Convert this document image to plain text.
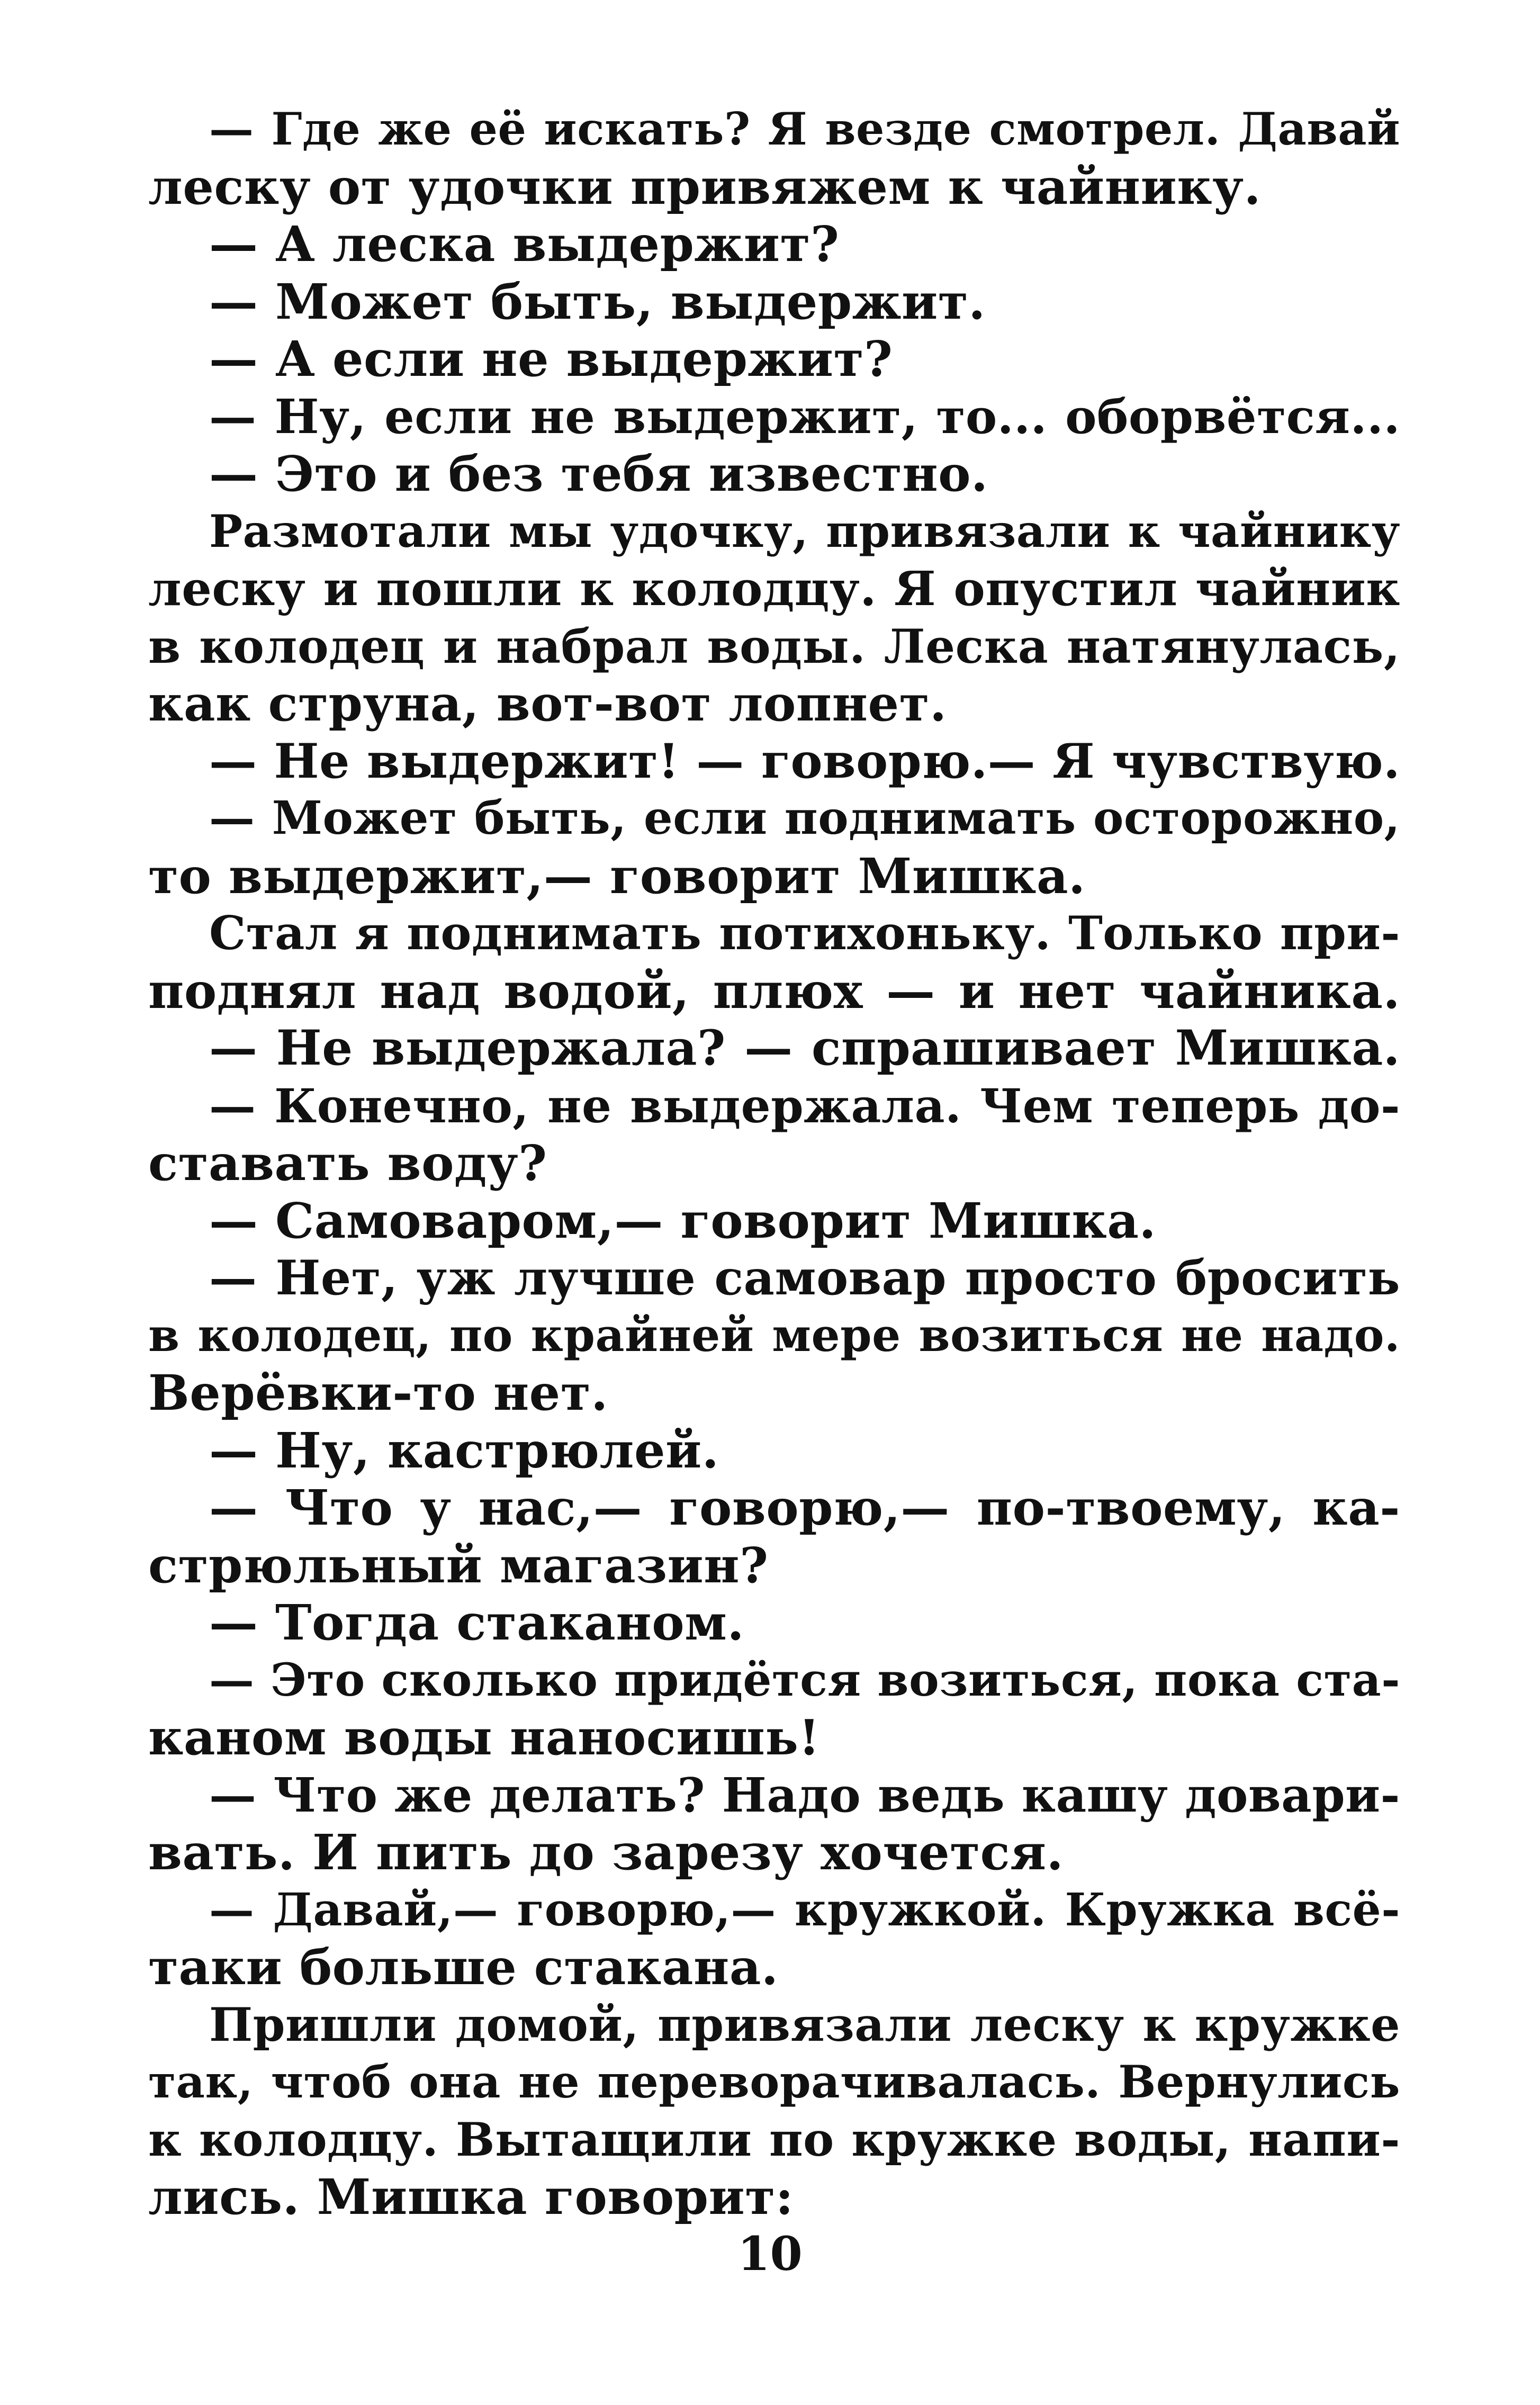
— Где же её искать? Я везде смотрел. Давай
леску от удочки привяжем к чайнику.
— А леска выдержит?
— Может быть, выдержит.
— А если не выдержит?
— Ну, если не выдержит, то... оборвётся...
— Это и без тебя известно.
Размотали мы удочку, привязали к чайнику
леску и пошли к колодцу. Я опустил чайник
в колодец и набрал воды. Леска натянулась,
как струна, вот-вот лопнет.
— Не выдержит! — говорю.— Я чувствую.
— Может быть, если поднимать осторожно,
то выдержит,— говорит Мишка.
Стал я поднимать потихоньку. Только при-
поднял над водой, плюх — и нет чайника.
— Не выдержала? — спрашивает Мишка.
— Конечно, не выдержала. Чем теперь до-
ставать воду?
— Самоваром,— говорит Мишка.
— Нет, уж лучше самовар просто бросить
в колодец, по крайней мере возиться не надо.
Верёвки-то нет.
— Ну, кастрюлей.
— Что у нас,— говорю,— по-твоему, ка-
стрюльный магазин?
— Тогда стаканом.
— Это сколько придётся возиться, пока ста-
каном воды наносишь!
— Что же делать? Надо ведь кашу довари-
вать. И пить до зарезу хочется.
— Давай,— говорю,— кружкой. Кружка всё-
таки больше стакана.
Пришли домой, привязали леску к кружке
так, чтоб она не переворачивалась. Вернулись
к колодцу. Вытащили по кружке воды, напи-
лись. Мишка говорит:
10
